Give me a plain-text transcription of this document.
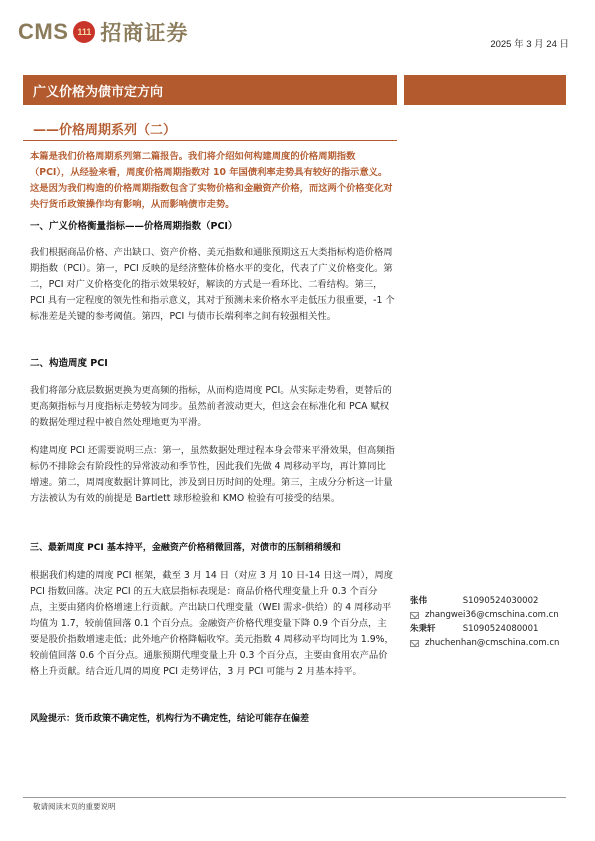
CMS 111 招商证券	2025 年 3 月 24 日
广义价格为债市定方向
——价格周期系列（二）

本篇是我们价格周期系列第二篇报告。我们将介绍如何构建周度的价格周期指数（PCI），从经验来看，周度价格周期指数对 10 年国债利率走势具有较好的指示意义。这是因为我们构造的价格周期指数包含了实物价格和金融资产价格，而这两个价格变化对央行货币政策操作均有影响，从而影响债市走势。

一、广义价格衡量指标——价格周期指数（PCI）

我们根据商品价格、产出缺口、资产价格、美元指数和通胀预期这五大类指标构造价格周期指数（PCI）。第一，PCI 反映的是经济整体价格水平的变化，代表了广义价格变化。第二，PCI 对广义价格变化的指示效果较好，解读的方式是一看环比、二看结构。第三，PCI 具有一定程度的领先性和指示意义，其对于预测未来价格水平走低压力很重要，-1 个标准差是关键的参考阈值。第四，PCI 与债市长端利率之间有较强相关性。

二、构造周度 PCI

我们将部分底层数据更换为更高频的指标，从而构造周度 PCI。从实际走势看，更替后的更高频指标与月度指标走势较为同步。虽然前者波动更大，但这会在标准化和 PCA 赋权的数据处理过程中被自然处理地更为平滑。

构建周度 PCI 还需要说明三点：第一，虽然数据处理过程本身会带来平滑效果，但高频指标仍不排除会有阶段性的异常波动和季节性，因此我们先做 4 周移动平均，再计算同比增速。第二，周周度数据计算同比，涉及到日历时间的处理。第三，主成分分析这一计量方法被认为有效的前提是 Bartlett 球形检验和 KMO 检验有可接受的结果。

三、最新周度 PCI 基本持平，金融资产价格稍微回落，对债市的压制稍稍缓和

根据我们构建的周度 PCI 框架，截至 3 月 14 日（对应 3 月 10 日-14 日这一周），周度 PCI 指数回落。决定 PCI 的五大底层指标表现是：商品价格代理变量上升 0.3 个百分点，主要由猪肉价格增速上行贡献。产出缺口代理变量（WEI 需求-供给）的 4 周移动平均值为 1.7，较前值回落 0.1 个百分点。金融资产价格代理变量下降 0.9 个百分点，主要是股价指数增速走低；此外地产价格降幅收窄。美元指数 4 周移动平均同比为 1.9%，较前值回落 0.6 个百分点。通胀预期代理变量上升 0.3 个百分点，主要由食用农产品价格上升贡献。结合近几周的周度 PCI 走势评估，3 月 PCI 可能与 2 月基本持平。

风险提示：货币政策不确定性，机构行为不确定性，结论可能存在偏差

张伟	S1090524030002
zhangwei36@cmschina.com.cn
朱秉轩	S1090524080001
zhuchenhan@cmschina.com.cn
敬请阅读末页的重要说明
